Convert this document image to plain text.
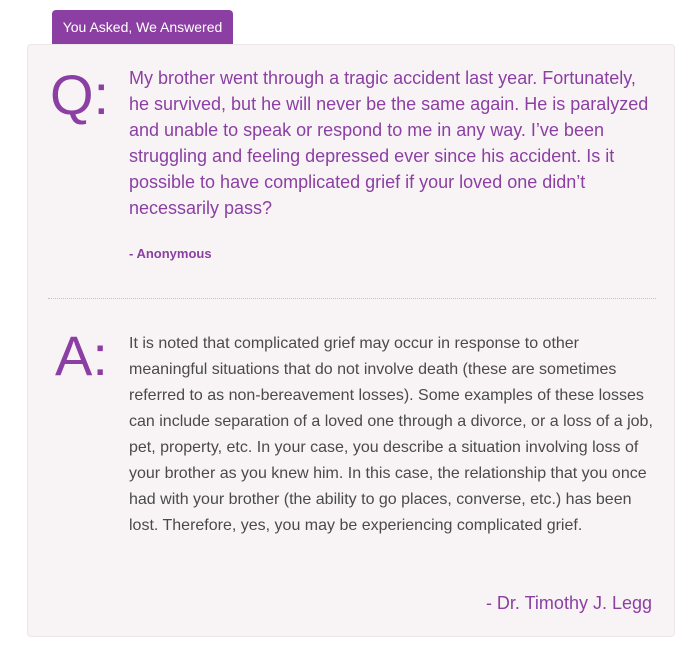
You Asked, We Answered
Q: My brother went through a tragic accident last year. Fortunately, he survived, but he will never be the same again. He is paralyzed and unable to speak or respond to me in any way. I’ve been struggling and feeling depressed ever since his accident. Is it possible to have complicated grief if your loved one didn’t necessarily pass?
- Anonymous
A: It is noted that complicated grief may occur in response to other meaningful situations that do not involve death (these are sometimes referred to as non-bereavement losses). Some examples of these losses can include separation of a loved one through a divorce, or a loss of a job, pet, property, etc. In your case, you describe a situation involving loss of your brother as you knew him. In this case, the relationship that you once had with your brother (the ability to go places, converse, etc.) has been lost. Therefore, yes, you may be experiencing complicated grief.
- Dr. Timothy J. Legg
